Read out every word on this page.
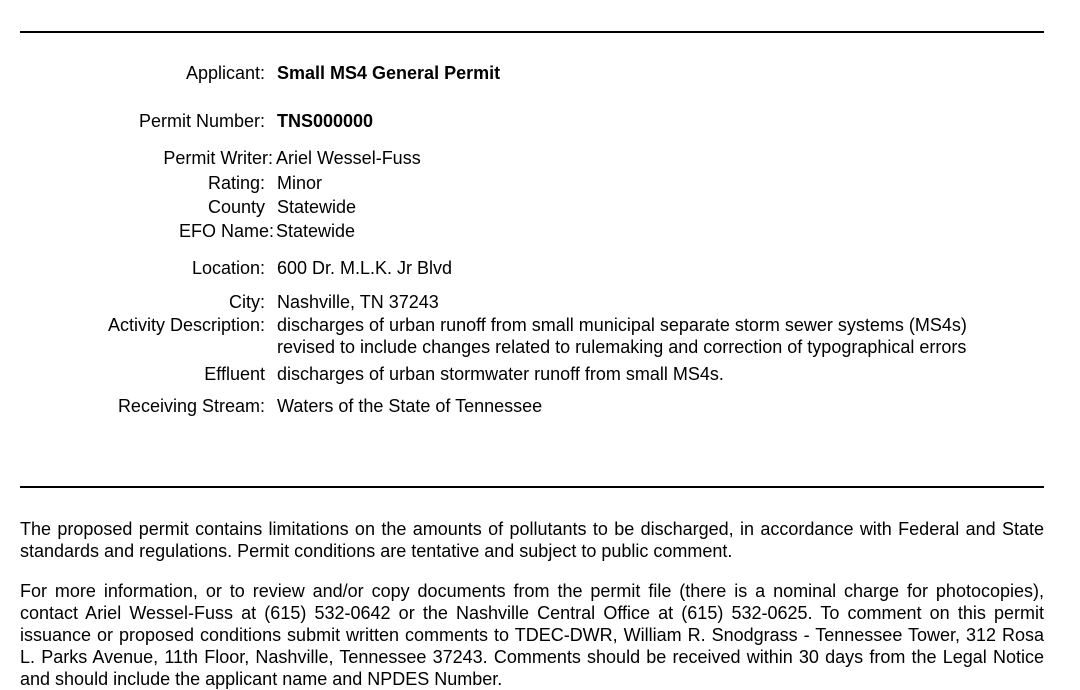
Applicant: Small MS4 General Permit
Permit Number: TNS000000
Permit Writer: Ariel Wessel-Fuss
Rating: Minor
County Statewide
EFO Name: Statewide
Location: 600 Dr. M.L.K. Jr Blvd
City: Nashville, TN 37243
Activity Description: discharges of urban runoff from small municipal separate storm sewer systems (MS4s)
revised to include changes related to rulemaking and correction of typographical errors
Effluent discharges of urban stormwater runoff from small MS4s.
Receiving Stream: Waters of the State of Tennessee
The proposed permit contains limitations on the amounts of pollutants to be discharged, in accordance with Federal and State standards and regulations. Permit conditions are tentative and subject to public comment.
For more information, or to review and/or copy documents from the permit file (there is a nominal charge for photocopies), contact Ariel Wessel-Fuss at (615) 532-0642 or the Nashville Central Office at (615) 532-0625. To comment on this permit issuance or proposed conditions submit written comments to TDEC-DWR, William R. Snodgrass - Tennessee Tower, 312 Rosa L. Parks Avenue, 11th Floor, Nashville, Tennessee 37243. Comments should be received within 30 days from the Legal Notice and should include the applicant name and NPDES Number.
